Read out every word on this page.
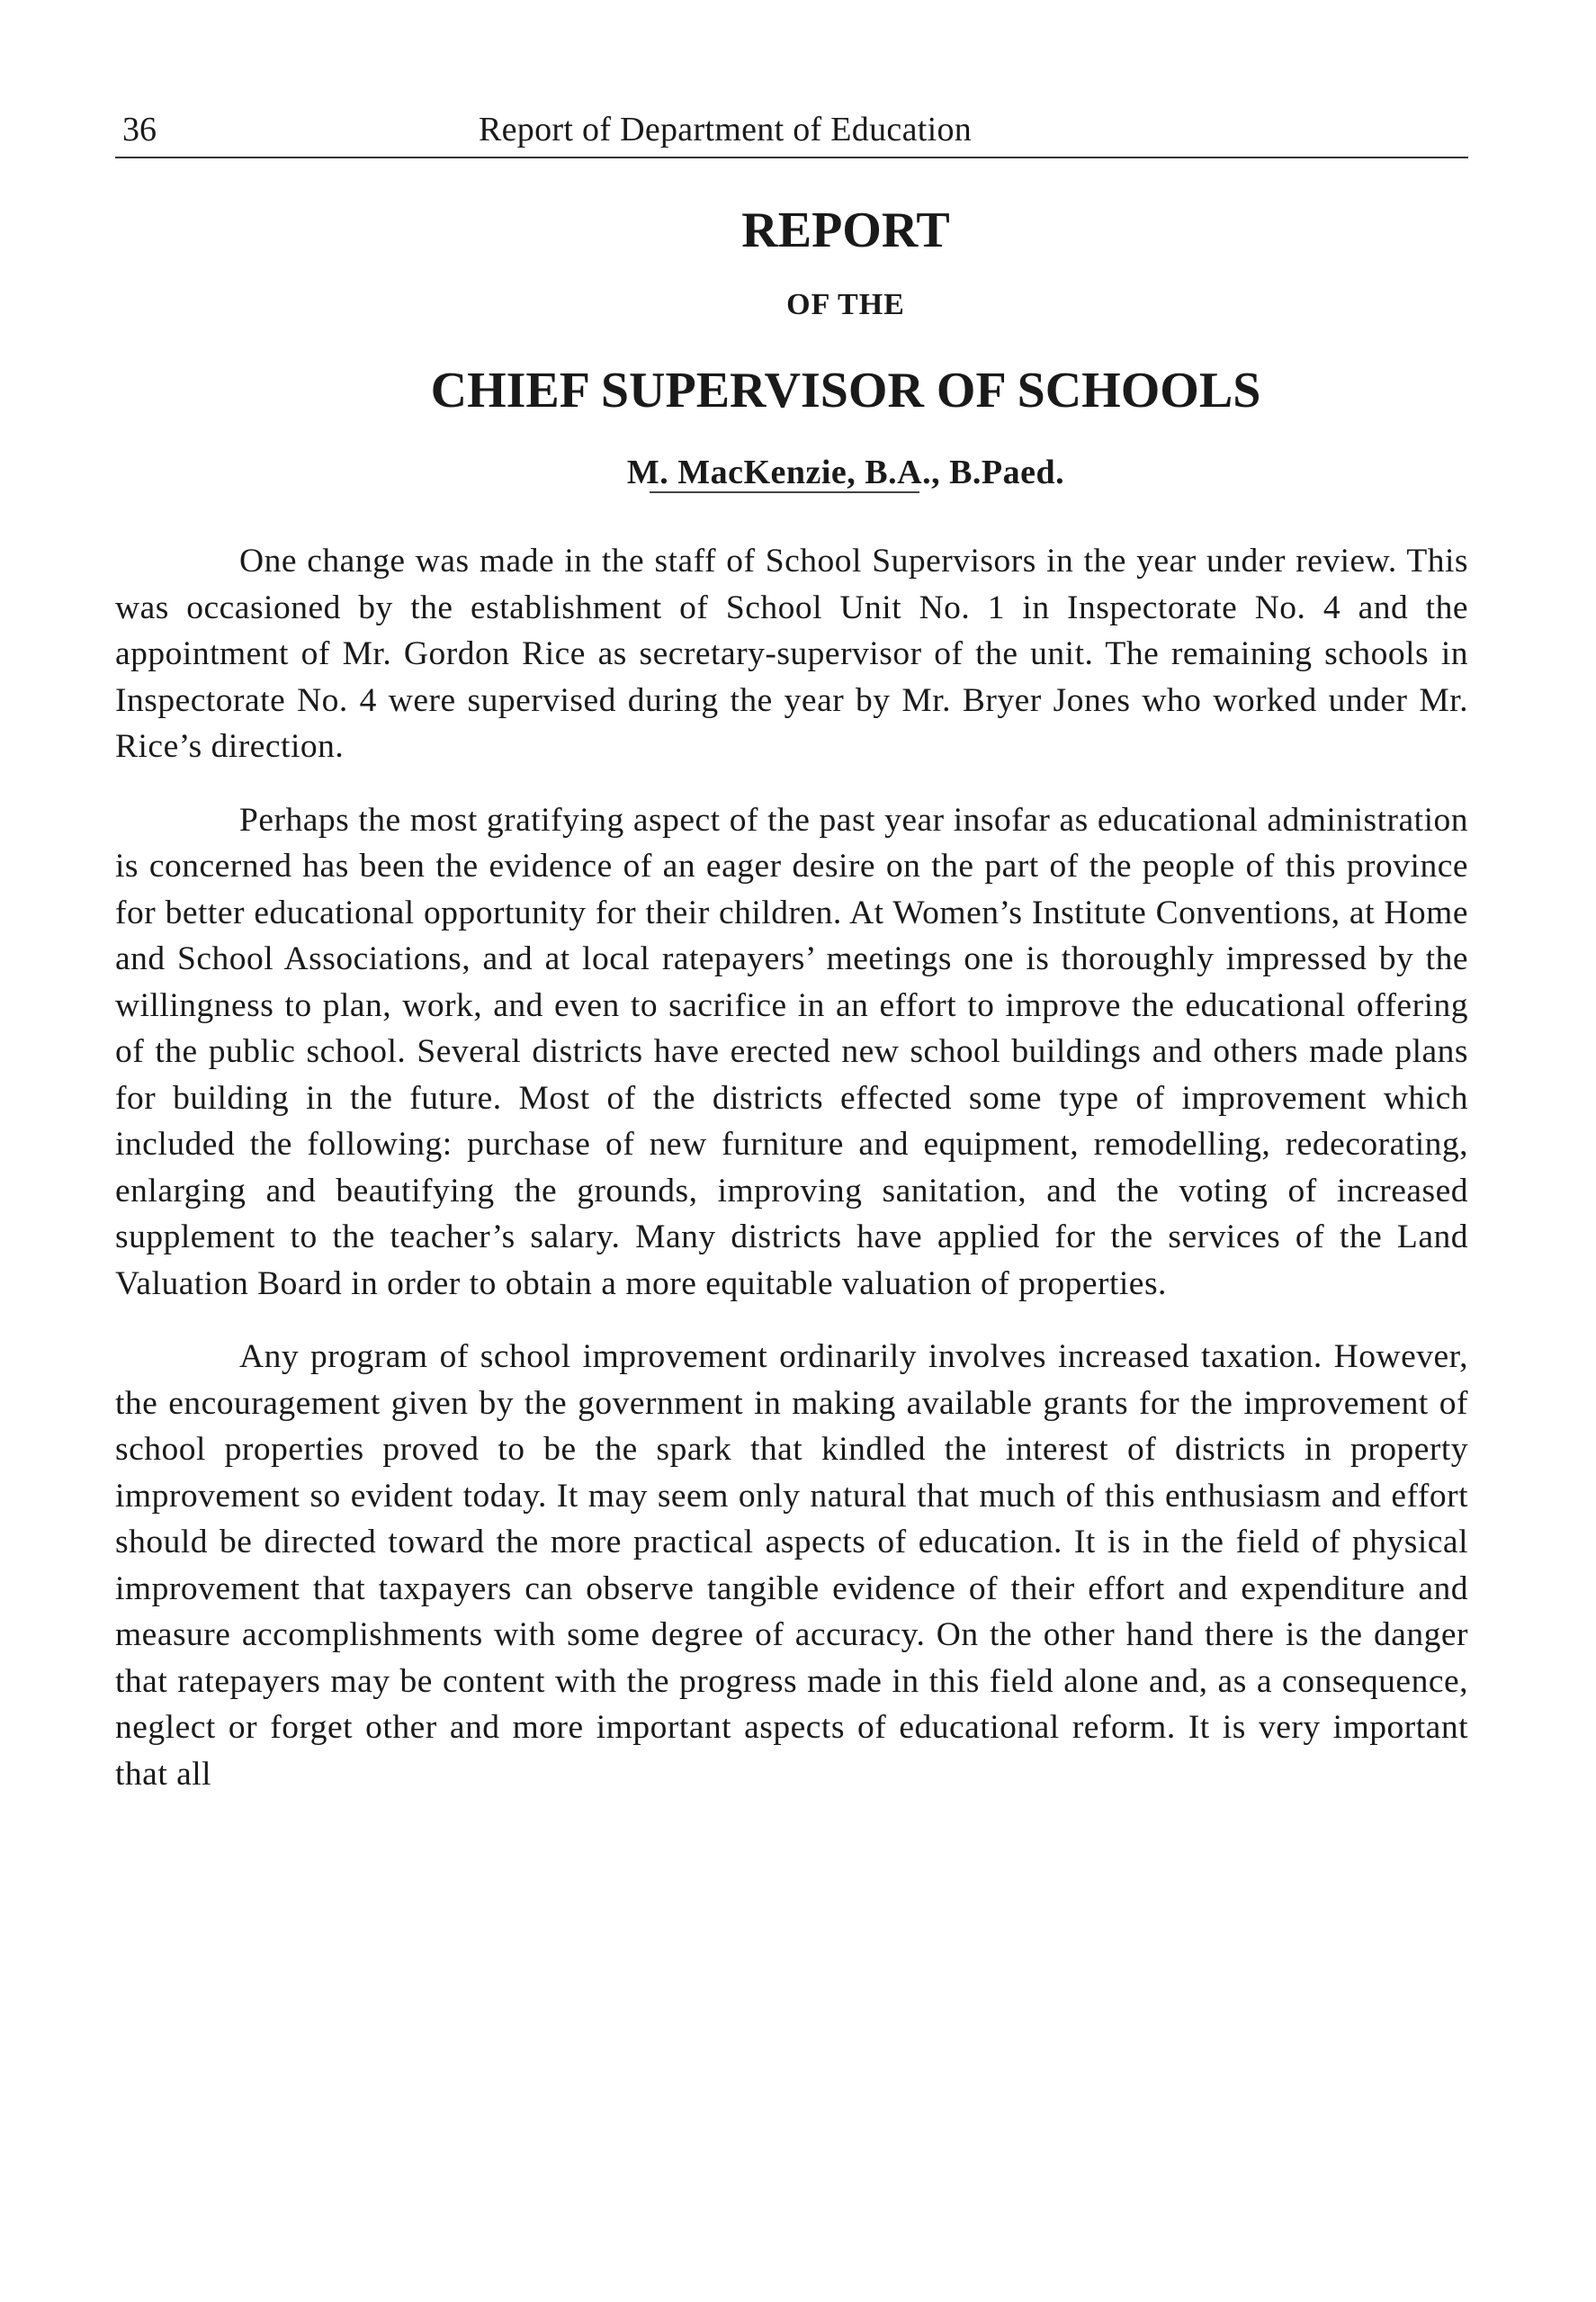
36	Report of Department of Education
REPORT
OF THE
CHIEF SUPERVISOR OF SCHOOLS
M. MacKenzie, B.A., B.Paed.

One change was made in the staff of School Supervisors in the year under review. This was occasioned by the establishment of School Unit No. 1 in Inspectorate No. 4 and the appointment of Mr. Gordon Rice as secretary-supervisor of the unit. The remaining schools in Inspectorate No. 4 were supervised during the year by Mr. Bryer Jones who worked under Mr. Rice’s direction.

Perhaps the most gratifying aspect of the past year insofar as educational administration is concerned has been the evidence of an eager desire on the part of the people of this province for better educational opportunity for their children. At Women’s Institute Conventions, at Home and School Associations, and at local ratepayers’ meetings one is thoroughly impressed by the willingness to plan, work, and even to sacrifice in an effort to improve the educational offering of the public school. Several districts have erected new school buildings and others made plans for building in the future. Most of the districts effected some type of improvement which included the following: purchase of new furniture and equipment, remodelling, redecorating, enlarging and beautifying the grounds, improving sanitation, and the voting of increased supplement to the teacher’s salary. Many districts have applied for the services of the Land Valuation Board in order to obtain a more equitable valuation of properties.

Any program of school improvement ordinarily involves increased taxation. However, the encouragement given by the government in making available grants for the improvement of school properties proved to be the spark that kindled the interest of districts in property improvement so evident today. It may seem only natural that much of this enthusiasm and effort should be directed toward the more practical aspects of education. It is in the field of physical improvement that taxpayers can observe tangible evidence of their effort and expenditure and measure accomplishments with some degree of accuracy. On the other hand there is the danger that ratepayers may be content with the progress made in this field alone and, as a consequence, neglect or forget other and more important aspects of educational reform. It is very important that all
